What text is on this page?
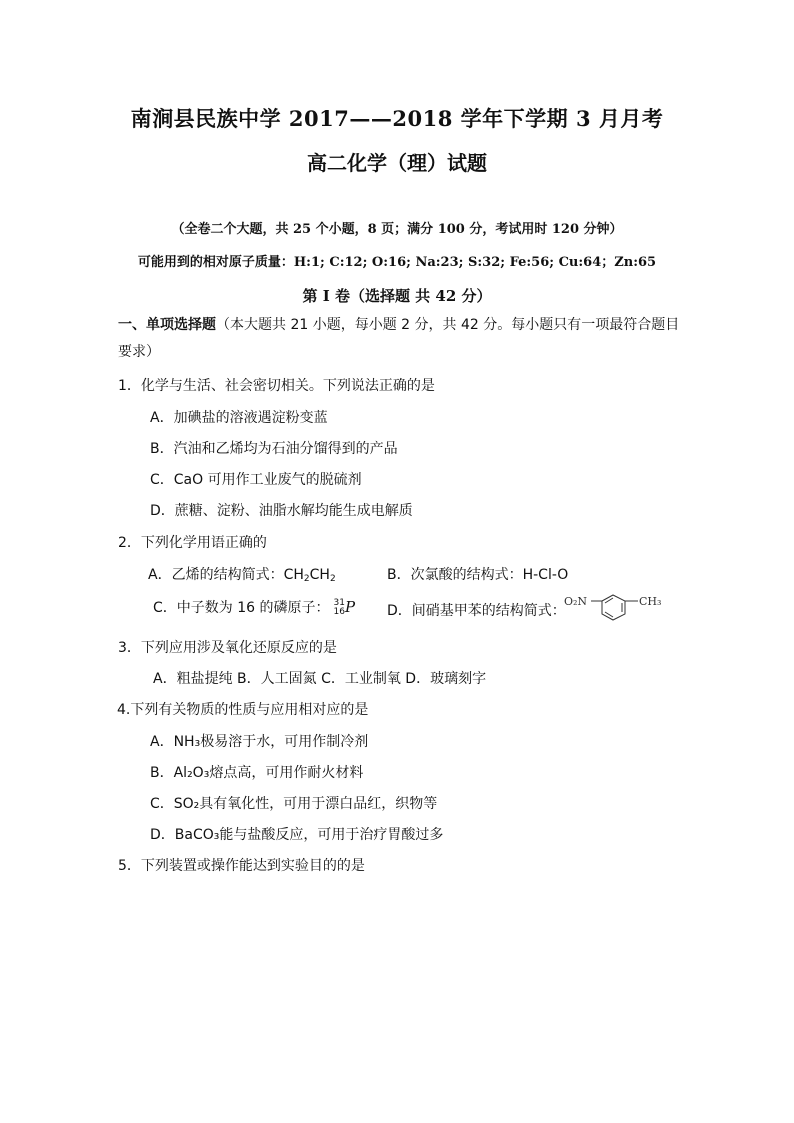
南涧县民族中学 2017——2018 学年下学期 3 月月考
高二化学（理）试题
（全卷二个大题，共 25 个小题，8 页；满分 100 分，考试用时 120 分钟）
可能用到的相对原子质量：H:1; C:12; O:16; Na:23; S:32; Fe:56; Cu:64；Zn:65
第 I 卷（选择题 共 42 分）
一、单项选择题（本大题共 21 小题，每小题 2 分，共 42 分。每小题只有一项最符合题目
要求）
1．化学与生活、社会密切相关。下列说法正确的是
A．加碘盐的溶液遇淀粉变蓝
B．汽油和乙烯均为石油分馏得到的产品
C．CaO 可用作工业废气的脱硫剂
D．蔗糖、淀粉、油脂水解均能生成电解质
2．下列化学用语正确的
A．乙烯的结构简式：$CH_2CH_2$	B．次氯酸的结构式：H-Cl-O
C．中子数为 16 的磷原子： 31
16 P D．间硝基甲苯的结构简式：
O₂N	CH₃
3．下列应用涉及氧化还原反应的是
A．粗盐提纯 B．人工固氮 C．工业制氧 D．玻璃刻字
4.下列有关物质的性质与应用相对应的是
A．NH₃极易溶于水，可用作制冷剂
B．Al₂O₃熔点高，可用作耐火材料
C．SO₂具有氧化性，可用于漂白品红，织物等
D．BaCO₃能与盐酸反应，可用于治疗胃酸过多
5．下列装置或操作能达到实验目的的是
